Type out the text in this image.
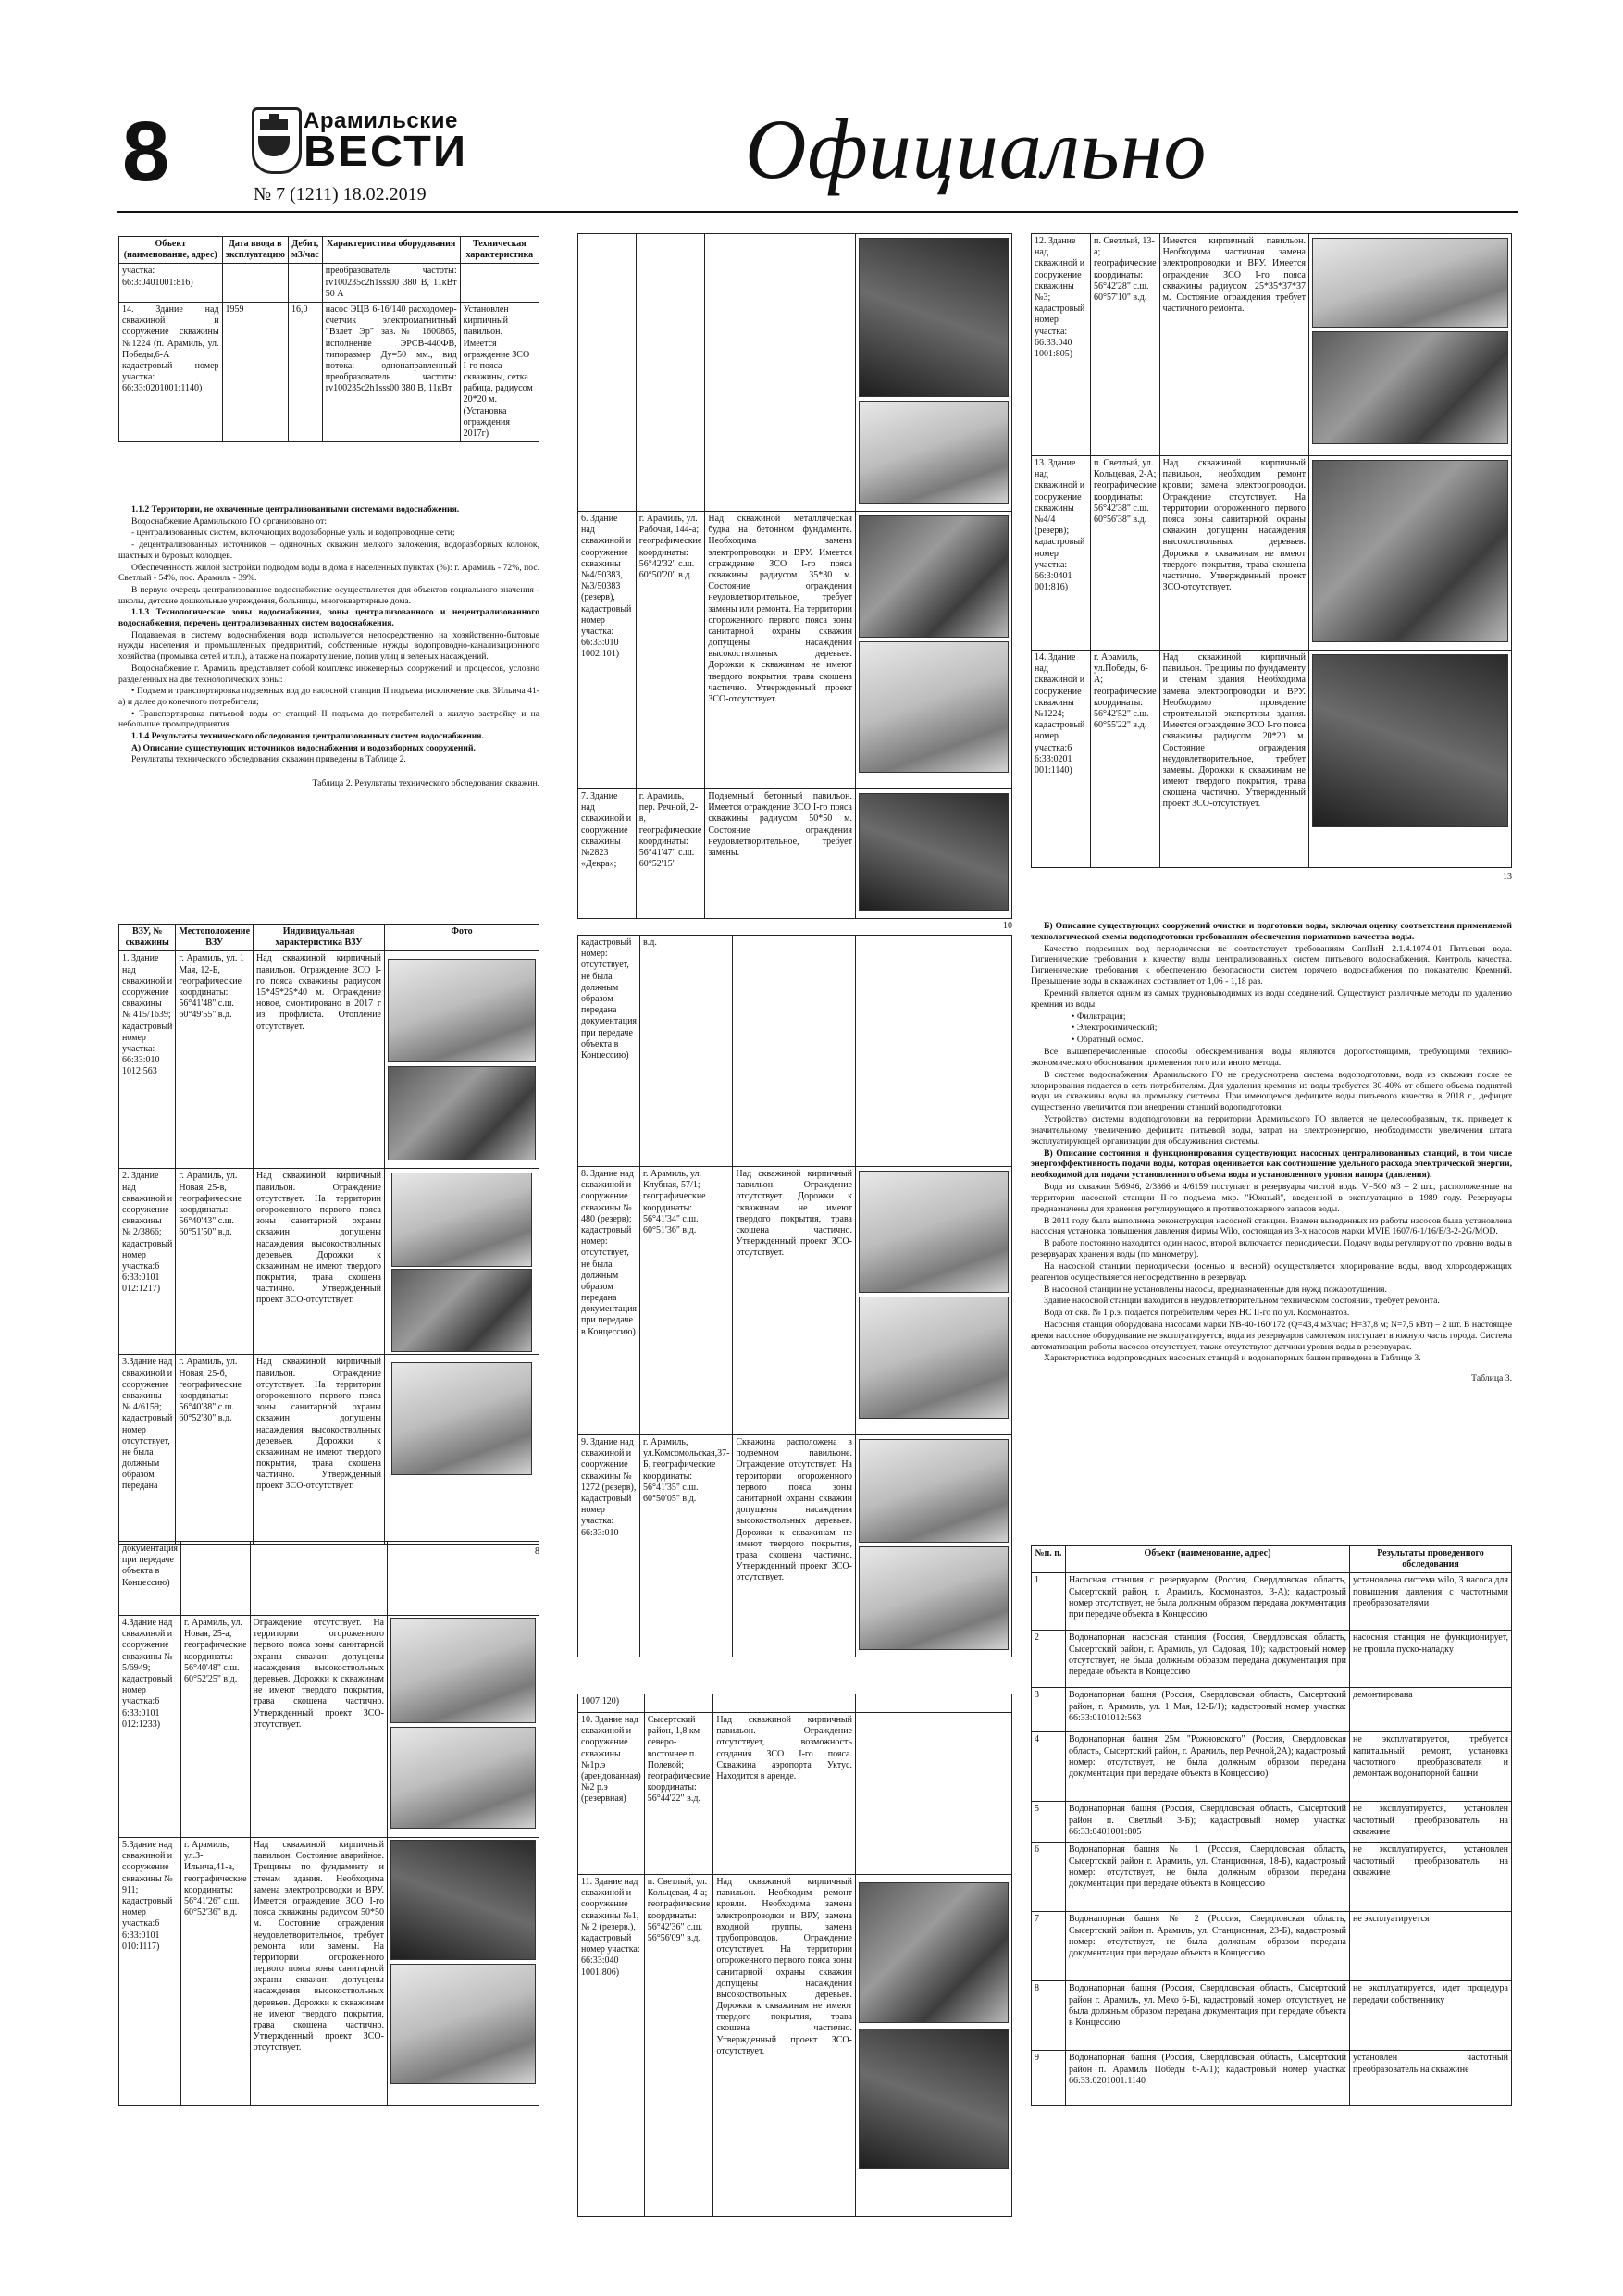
8	Арамильские
ВЕСТИ
№ 7 (1211) 18.02.2019	Официально
Объект (наименование, адрес)	Дата ввода в эксплуатацию	Дебит, м3/час	Характеристика оборудования	Техническая характеристика
участка: 66:3:0401001:816)			преобразователь частоты: rv100235c2h1sss00 380 В, 11кВт 50 А	
14. Здание над скважиной и сооружение скважины №1224 (п. Арамиль, ул. Победы,6-А кадастровый номер участка: 66:33:0201001:1140)	1959	16,0	насос ЭЦВ 6-16/140 расходомер-счетчик электромагнитный "Взлет Эр" зав.№ 1600865, исполнение ЭРСВ-440ФВ, типоразмер Ду=50 мм., вид потока: однонаправленный преобразователь частоты: rv100235c2h1sss00 380 В, 11кВт	Установлен кирпичный павильон. Имеется ограждение ЗСО I-го пояса скважины, сетка рабица, радиусом 20*20 м. (Установка ограждения 2017г)

1.1.2 Территории, не охваченные централизованными системами водоснабжения.

Водоснабжение Арамильского ГО организовано от:

- централизованных систем, включающих водозаборные узлы и водопроводные сети;

- децентрализованных источников – одиночных скважин мелкого заложения, водоразборных колонок, шахтных и буровых колодцев.

Обеспеченность жилой застройки подводом воды в дома в населенных пунктах (%): г. Арамиль - 72%, пос. Светлый - 54%, пос. Арамиль - 39%.

В первую очередь централизованное водоснабжение осуществляется для объектов социального значения - школы, детские дошкольные учреждения, больницы, многоквартирные дома.

1.1.3 Технологические зоны водоснабжения, зоны централизованного и нецентрализованного водоснабжения, перечень централизованных систем водоснабжения.

Подаваемая в систему водоснабжения вода используется непосредственно на хозяйственно-бытовые нужды населения и промышленных предприятий, собственные нужды водопроводно-канализационного хозяйства (промывка сетей и т.п.), а также на пожаротушение, полив улиц и зеленых насаждений.

Водоснабжение г. Арамиль представляет собой комплекс инженерных сооружений и процессов, условно разделенных на две технологических зоны:

• Подъем и транспортировка подземных вод до насосной станции II подъема (исключение скв. 3Ильича 41-а) и далее до конечного потребителя;

• Транспортировка питьевой воды от станций II подъема до потребителей в жилую застройку и на небольшие промпредприятия.

1.1.4 Результаты технического обследования централизованных систем водоснабжения.

А) Описание существующих источников водоснабжения и водозаборных сооружений.

Результаты технического обследования скважин приведены в Таблице 2.

Таблица 2. Результаты технического обследования скважин.

ВЗУ, № скважины	Местоположение ВЗУ	Индивидуальная характеристика ВЗУ	Фото
1. Здание над скважиной и сооружение скважины № 415/1639; кадастровый номер участка: 66:33:010 1012:563	г. Арамиль, ул. 1 Мая, 12-Б, географические координаты: 56°41'48" с.ш. 60°49'55" в.д.	Над скважиной кирпичный павильон. Ограждение ЗСО I-го пояса скважины радиусом 15*45*25*40 м. Ограждение новое, смонтировано в 2017 г из профлиста. Отопление отсутствует.	

2. Здание над скважиной и сооружение скважины № 2/3866; кадастровый номер участка:6 6:33:0101 012:1217)	г. Арамиль, ул. Новая, 25-в, географические координаты: 56°40'43" с.ш. 60°51'50" в.д.	Над скважиной кирпичный павильон. Ограждение отсутствует. На территории огороженного первого пояса зоны санитарной охраны скважин допущены насаждения высокоствольных деревьев. Дорожки к скважинам не имеют твердого покрытия, трава скошена частично. Утвержденный проект ЗСО-отсутствует.	

3.Здание над скважиной и сооружение скважины № 4/6159; кадастровый номер отсутствует, не была должным образом передана	г. Арамиль, ул. Новая, 25-б, географические координаты: 56°40'38" с.ш. 60°52'30" в.д.	Над скважиной кирпичный павильон. Ограждение отсутствует. На территории огороженного первого пояса зоны санитарной охраны скважин допущены насаждения высокоствольных деревьев. Дорожки к скважинам не имеют твердого покрытия, трава скошена частично. Утвержденный проект ЗСО-отсутствует.	
8
документация при передаче объекта в Концессию)			
4.Здание над скважиной и сооружение скважины № 5/6949; кадастровый номер участка:6 6:33:0101 012:1233)	г. Арамиль, ул. Новая, 25-а; географические координаты: 56°40'48" с.ш. 60°52'25" в.д.	Ограждение отсутствует. На территории огороженного первого пояса зоны санитарной охраны скважин допущены насаждения высокоствольных деревьев. Дорожки к скважинам не имеют твердого покрытия, трава скошена частично. Утвержденный проект ЗСО-отсутствует.	

5.Здание над скважиной и сооружение скважины № 911; кадастровый номер участка:6 6:33:0101 010:1117)	г. Арамиль, ул.З-Ильича,41-а, географические координаты: 56°41'26" с.ш. 60°52'36" в.д.	Над скважиной кирпичный павильон. Состояние аварийное. Трещины по фундаменту и стенам здания. Необходима замена электропроводки и ВРУ. Имеется ограждение ЗСО I-го пояса скважины радиусом 50*50 м. Состояние ограждения неудовлетворительное, требует ремонта или замены. На территории огороженного первого пояса зоны санитарной охраны скважин допущены насаждения высокоствольных деревьев. Дорожки к скважинам не имеют твердого покрытия, трава скошена частично. Утвержденный проект ЗСО-отсутствует.	

6. Здание над скважиной и сооружение скважины №4/50383, №3/50383 (резерв), кадастровый номер участка: 66:33:010 1002:101)	г. Арамиль, ул. Рабочая, 144-а; географические координаты: 56°42'32" с.ш. 60°50'20" в.д.	Над скважиной металлическая будка на бетонном фундаменте. Необходима замена электропроводки и ВРУ. Имеется ограждение ЗСО I-го пояса скважины радиусом 35*30 м. Состояние ограждения неудовлетворительное, требует замены или ремонта. На территории огороженного первого пояса зоны санитарной охраны скважин допущены насаждения высокоствольных деревьев. Дорожки к скважинам не имеют твердого покрытия, трава скошена частично. Утвержденный проект ЗСО-отсутствует.	

7. Здание над скважиной и сооружение скважины №2823 «Декра»;	г. Арамиль, пер. Речной, 2-в, географические координаты: 56°41'47" с.ш. 60°52'15"	Подземный бетонный павильон. Имеется ограждение ЗСО I-го пояса скважины радиусом 50*50 м. Состояние ограждения неудовлетворительное, требует замены.	
10
кадастровый номер: отсутствует, не была должным образом передана документация при передаче объекта в Концессию)	в.д.		
8. Здание над скважиной и сооружение скважины № 480 (резерв); кадастровый номер: отсутствует, не была должным образом передана документация при передаче в Концессию)	г. Арамиль, ул. Клубная, 57/1; географические координаты: 56°41'34" с.ш. 60°51'36" в.д.	Над скважиной кирпичный павильон. Ограждение отсутствует. Дорожки к скважинам не имеют твердого покрытия, трава скошена частично. Утвержденный проект ЗСО-отсутствует.	

9. Здание над скважиной и сооружение скважины № 1272 (резерв), кадастровый номер участка: 66:33:010	г. Арамиль, ул.Комсомольская,37-Б, географические координаты: 56°41'35" с.ш. 60°50'05" в.д.	Скважина расположена в подземном павильоне. Ограждение отсутствует. На территории огороженного первого пояса зоны санитарной охраны скважин допущены насаждения высокоствольных деревьев. Дорожки к скважинам не имеют твердого покрытия, трава скошена частично. Утвержденный проект ЗСО-отсутствует.	
1007:120)			
10. Здание над скважиной и сооружение скважины №1р.э (арендованная) №2 р.э (резервная)	Сысертский район, 1,8 км северо-восточнее п. Полевой; географические координаты: 56°44'22" в.д.	Над скважиной кирпичный павильон. Ограждение отсутствует, возможность создания ЗСО I-го пояса. Скважина аэропорта Уктус. Находится в аренде.	
11. Здание над скважиной и сооружение скважины №1, № 2 (резерв.), кадастровый номер участка: 66:33:040 1001:806)	п. Светлый, ул. Кольцевая, 4-а; географические координаты: 56°42'36" с.ш. 56°56'09" в.д.	Над скважиной кирпичный павильон. Необходим ремонт кровли. Необходима замена электропроводки и ВРУ, замена входной группы, замена трубопроводов. Ограждение отсутствует. На территории огороженного первого пояса зоны санитарной охраны скважин допущены насаждения высокоствольных деревьев. Дорожки к скважинам не имеют твердого покрытия, трава скошена частично. Утвержденный проект ЗСО-отсутствует.	
12. Здание над скважиной и сооружение скважины №3; кадастровый номер участка: 66:33:040 1001:805)	п. Светлый, 13-а; географические координаты: 56°42'28" с.ш. 60°57'10" в.д.	Имеется кирпичный павильон. Необходима частичная замена электропроводки и ВРУ. Имеется ограждение ЗСО I-го пояса скважины радиусом 25*35*37*37 м. Состояние ограждения требует частичного ремонта.	

13. Здание над скважиной и сооружение скважины №4/4 (резерв); кадастровый номер участка: 66:3:0401 001:816)	п. Светлый, ул. Кольцевая, 2-А; географические координаты: 56°42'38" с.ш. 60°56'38" в.д.	Над скважиной кирпичный павильон, необходим ремонт кровли; замена электропроводки. Ограждение отсутствует. На территории огороженного первого пояса зоны санитарной охраны скважин допущены насаждения высокоствольных деревьев. Дорожки к скважинам не имеют твердого покрытия, трава скошена частично. Утвержденный проект ЗСО-отсутствует.	

14. Здание над скважиной и сооружение скважины №1224; кадастровый номер участка:6 6:33:0201 001:1140)	г. Арамиль, ул.Победы, 6-А; географические координаты: 56°42'52" с.ш. 60°55'22" в.д.	Над скважиной кирпичный павильон. Трещины по фундаменту и стенам здания. Необходима замена электропроводки и ВРУ. Необходимо проведение строительной экспертизы здания. Имеется ограждение ЗСО I-го пояса скважины радиусом 20*20 м. Состояние ограждения неудовлетворительное, требует замены. Дорожки к скважинам не имеют твердого покрытия, трава скошена частично. Утвержденный проект ЗСО-отсутствует.	
13

Б) Описание существующих сооружений очистки и подготовки воды, включая оценку соответствия применяемой технологической схемы водоподготовки требованиям обеспечения нормативов качества воды.

Качество подземных вод периодически не соответствует требованиям СанПиН 2.1.4.1074-01 Питьевая вода. Гигиенические требования к качеству воды централизованных систем питьевого водоснабжения. Контроль качества. Гигиенические требования к обеспечению безопасности систем горячего водоснабжения по показателю Кремний. Превышение воды в скважинах составляет от 1,06 - 1,18 раз.

Кремний является одним из самых трудновыводимых из воды соединений. Существуют различные методы по удалению кремния из воды:

• Фильтрация;

• Электрохимический;

• Обратный осмос.

Все вышеперечисленные способы обескремнивания воды являются дорогостоящими, требующими технико-экономического обоснования применения того или иного метода.

В системе водоснабжения Арамильского ГО не предусмотрена система водоподготовки, вода из скважин после ее хлорирования подается в сеть потребителям. Для удаления кремния из воды требуется 30-40% от общего объема поднятой воды из скважины воды на промывку системы. При имеющемся дефиците воды питьевого качества в 2018 г., дефицит существенно увеличится при внедрении станций водоподготовки.

Устройство системы водоподготовки на территории Арамильского ГО является не целесообразным, т.к. приведет к значительному увеличению дефицита питьевой воды, затрат на электроэнергию, необходимости увеличения штата эксплуатирующей организации для обслуживания системы.

В) Описание состояния и функционирования существующих насосных централизованных станций, в том числе энергоэффективность подачи воды, которая оценивается как соотношение удельного расхода электрической энергии, необходимой для подачи установленного объема воды и установленного уровня напора (давления).

Вода из скважин 5/6946, 2/3866 и 4/6159 поступает в резервуары чистой воды V=500 м3 – 2 шт., расположенные на территории насосной станции II-го подъема мкр. "Южный", введенной в эксплуатацию в 1989 году. Резервуары предназначены для хранения регулирующего и противопожарного запасов воды.

В 2011 году была выполнена реконструкция насосной станции. Взамен выведенных из работы насосов была установлена насосная установка повышения давления фирмы Wilo, состоящая из 3-х насосов марки MVIE 1607/6-1/16/E/3-2-2G/MOD.

В работе постоянно находится один насос, второй включается периодически. Подачу воды регулируют по уровню воды в резервуарах хранения воды (по манометру).

На насосной станции периодически (осенью и весной) осуществляется хлорирование воды, ввод хлорсодержащих реагентов осуществляется непосредственно в резервуар.

В насосной станции не установлены насосы, предназначенные для нужд пожаротушения.

Здание насосной станции находится в неудовлетворительном техническом состоянии, требует ремонта.

Вода от скв. № 1 р.э. подается потребителям через НС II-го по ул. Космонавтов.

Насосная станция оборудована насосами марки NB-40-160/172 (Q=43,4 м3/час; H=37,8 м; N=7,5 кВт) – 2 шт. В настоящее время насосное оборудование не эксплуатируется, вода из резервуаров самотеком поступает в южную часть города. Система автоматизации работы насосов отсутствует, также отсутствуют датчики уровня воды в резервуарах.

Характеристика водопроводных насосных станций и водонапорных башен приведена в Таблице 3.

Таблица 3.

№п. п.	Объект (наименование, адрес)	Результаты проведенного обследования
1	Насосная станция с резервуаром (Россия, Свердловская область, Сысертский район, г. Арамиль, Космонавтов, 3-А); кадастровый номер отсутствует, не была должным образом передана документация при передаче объекта в Концессию	установлена система wilo, 3 насоса для повышения давления с частотными преобразователями
2	Водонапорная насосная станция (Россия, Свердловская область, Сысертский район, г. Арамиль, ул. Садовая, 10); кадастровый номер отсутствует, не была должным образом передана документация при передаче объекта в Концессию	насосная станция не функционирует, не прошла пуско-наладку
3	Водонапорная башня (Россия, Свердловская область, Сысертский район, г. Арамиль, ул. 1 Мая, 12-Б/1); кадастровый номер участка: 66:33:0101012:563	демонтирована
4	Водонапорная башня 25м "Рожновского" (Россия, Свердловская область, Сысертский район, г. Арамиль, пер Речной,2А); кадастровый номер: отсутствует, не была должным образом передана документация при передаче объекта в Концессию)	не эксплуатируется, требуется капитальный ремонт, установка частотного преобразователя и демонтаж водонапорной башни
5	Водонапорная башня (Россия, Свердловская область, Сысертский район п. Светлый 3-Б); кадастровый номер участка: 66:33:0401001:805	не эксплуатируется, установлен частотный преобразователь на скважине
6	Водонапорная башня № 1 (Россия, Свердловская область, Сысертский район г. Арамиль, ул. Станционная, 18-Б), кадастровый номер: отсутствует, не была должным образом передана документация при передаче объекта в Концессию	не эксплуатируется, установлен частотный преобразователь на скважине
7	Водонапорная башня № 2 (Россия, Свердловская область, Сысертский район п. Арамиль, ул. Станционная, 23-Б), кадастровый номер: отсутствует, не была должным образом передана документация при передаче объекта в Концессию	не эксплуатируется
8	Водонапорная башня (Россия, Свердловская область, Сысертский район г. Арамиль, ул. Мехо 6-Б), кадастровый номер: отсутствует, не была должным образом передана документация при передаче объекта в Концессию	не эксплуатируется, идет процедура передачи собственнику
9	Водонапорная башня (Россия, Свердловская область, Сысертский район п. Арамиль Победы 6-А/1); кадастровый номер участка: 66:33:0201001:1140	установлен частотный преобразователь на скважине
